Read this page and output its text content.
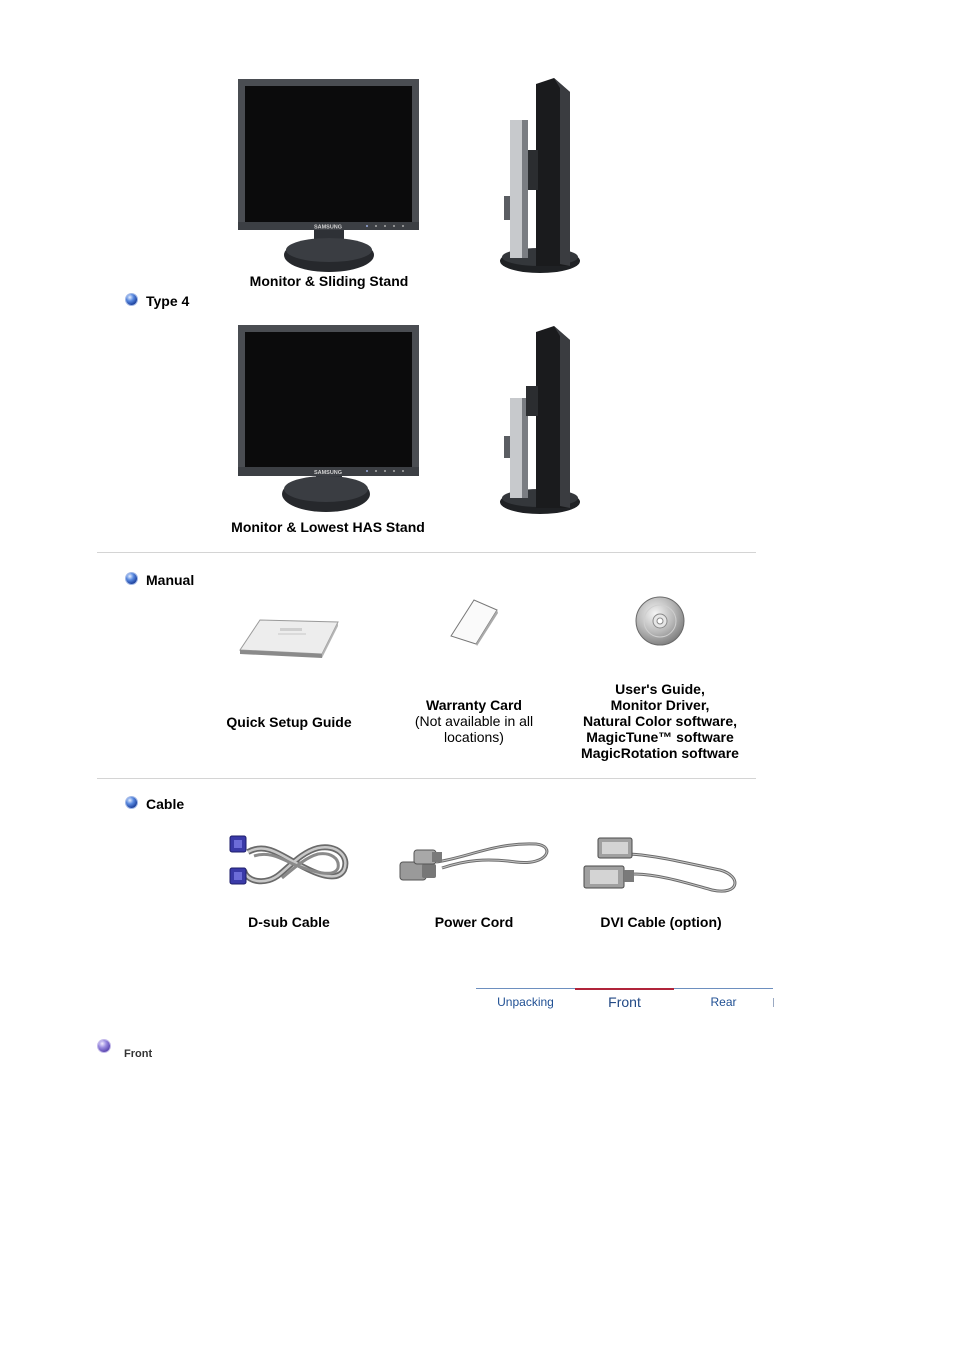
SAMSUNG
Monitor & Sliding Stand
Type 4
SAMSUNG
Monitor & Lowest HAS Stand
Manual
Quick Setup Guide
Warranty Card
(Not available in all
locations)
User's Guide,
Monitor Driver,
Natural Color software,
MagicTune™ software
MagicRotation software
Cable
D-sub Cable	Power Cord	DVI Cable (option)
Unpacking	Front	Rear
Front
